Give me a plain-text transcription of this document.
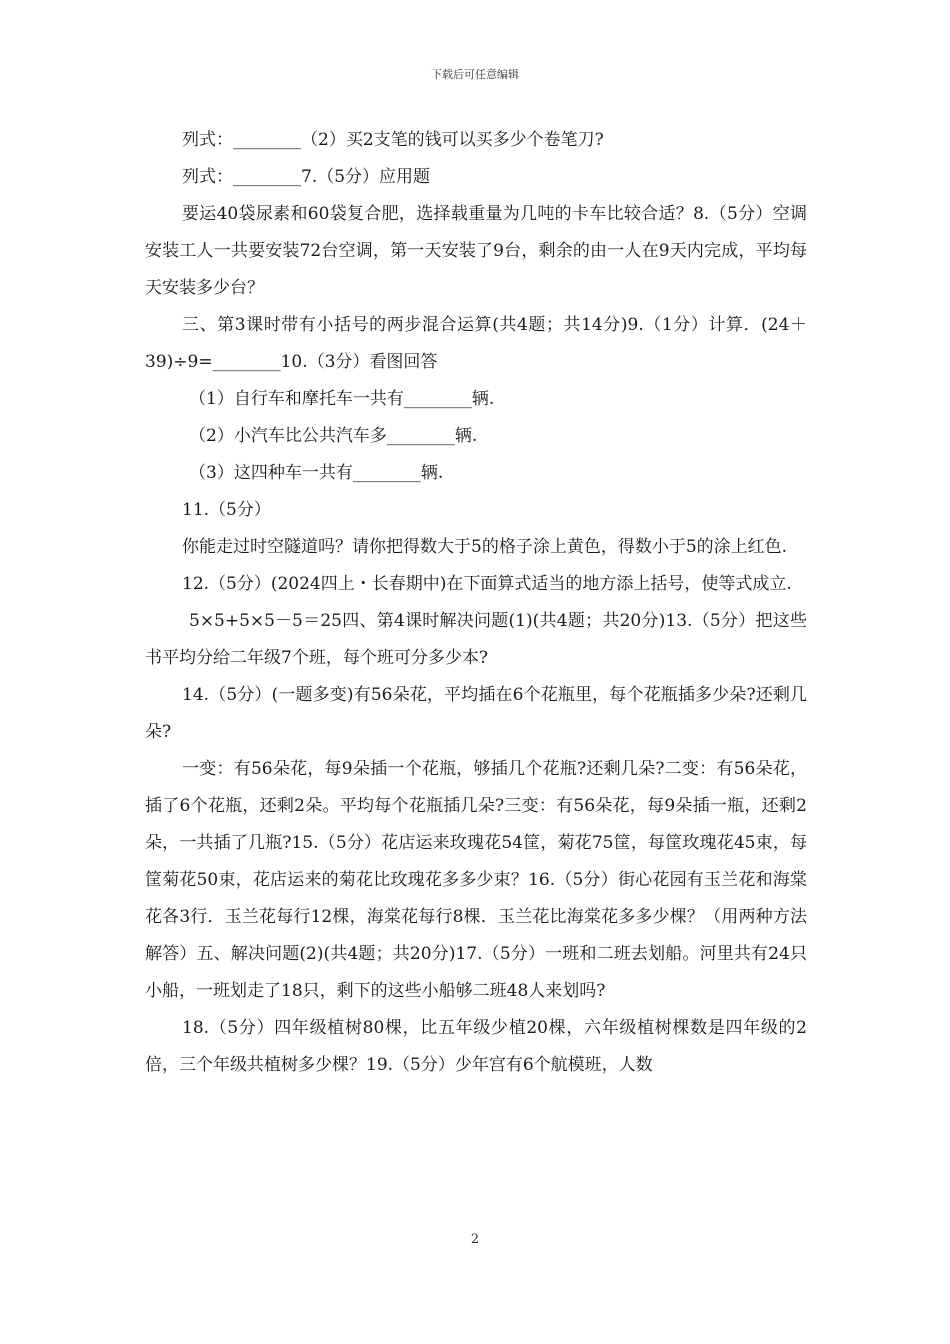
下载后可任意编辑

列式：________（2）买2支笔的钱可以买多少个卷笔刀?

列式：________7.（5分）应用题

要运40袋尿素和60袋复合肥，选择载重量为几吨的卡车比较合适？8.（5分）空调安装工人一共要安装72台空调，第一天安装了9台，剩余的由一人在9天内完成，平均每天安装多少台？

三、第3课时带有小括号的两步混合运算(共4题；共14分)9.（1分）计算．(24＋39)÷9=________10.（3分）看图回答

（1）自行车和摩托车一共有________辆.

（2）小汽车比公共汽车多________辆.

（3）这四种车一共有________辆.

11.（5分）

你能走过时空隧道吗？请你把得数大于5的格子涂上黄色，得数小于5的涂上红色.

12.（5分）(2024四上・长春期中)在下面算式适当的地方添上括号，使等式成立.

5×5+5×5－5＝25四、第4课时解决问题(1)(共4题；共20分)13.（5分）把这些书平均分给二年级7个班，每个班可分多少本?

14.（5分）(一题多变)有56朵花，平均插在6个花瓶里，每个花瓶插多少朵?还剩几朵?

一变：有56朵花，每9朵插一个花瓶，够插几个花瓶?还剩几朵?二变：有56朵花，插了6个花瓶，还剩2朵。平均每个花瓶插几朵?三变：有56朵花，每9朵插一瓶，还剩2朵，一共插了几瓶?15.（5分）花店运来玫瑰花54筐，菊花75筐，每筐玫瑰花45束，每筐菊花50束，花店运来的菊花比玫瑰花多多少束？16.（5分）街心花园有玉兰花和海棠花各3行．玉兰花每行12棵，海棠花每行8棵．玉兰花比海棠花多多少棵？（用两种方法解答）五、解决问题(2)(共4题；共20分)17.（5分）一班和二班去划船。河里共有24只小船，一班划走了18只，剩下的这些小船够二班48人来划吗?

18.（5分）四年级植树80棵，比五年级少植20棵，六年级植树棵数是四年级的2倍，三个年级共植树多少棵？19.（5分）少年宫有6个航模班，人数

2
